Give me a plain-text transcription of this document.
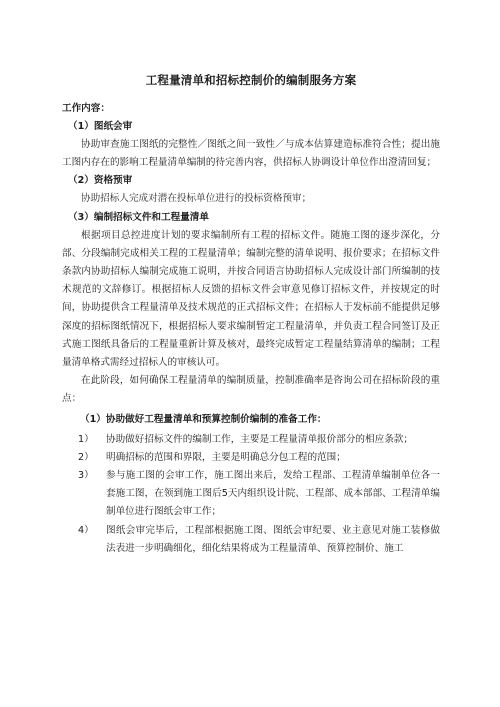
工程量清单和招标控制价的编制服务方案
工作内容：
（1）图纸会审

协助审查施工图纸的完整性／图纸之间一致性／与成本估算建造标准符合性；提出施工图内存在的影响工程量清单编制的待完善内容，供招标人协调设计单位作出澄清回复；

（2）资格预审

协助招标人完成对潜在投标单位进行的投标资格预审；

（3）编制招标文件和工程量清单

根据项目总控进度计划的要求编制所有工程的招标文件。随施工图的逐步深化，分部、分段编制完成相关工程的工程量清单；编制完整的清单说明、报价要求；在招标文件条款内协助招标人编制完成施工说明，并按合同语言协助招标人完成设计部门所编制的技术规范的文辞修订。根据招标人反馈的招标文件会审意见修订招标文件，并按规定的时间，协助提供含工程量清单及技术规范的正式招标文件；在招标人于发标前不能提供足够深度的招标图纸情况下，根据招标人要求编制暂定工程量清单，并负责工程合同签订及正式施工图纸具备后的工程量重新计算及核对，最终完成暂定工程量结算清单的编制；工程量清单格式需经过招标人的审核认可。

在此阶段，如何确保工程量清单的编制质量，控制准确率是咨询公司在招标阶段的重点：

（1）协助做好工程量清单和预算控制价编制的准备工作：
1） 协助做好招标文件的编制工作，主要是工程量清单报价部分的相应条款；
2） 明确招标的范围和界限，主要是明确总分包工程的范围；
3） 参与施工图的会审工作，施工图出来后，发给工程部、工程清单编制单位各一套施工图，在领到施工图后5天内组织设计院、工程部、成本部部、工程清单编制单位进行图纸会审工作；
4） 图纸会审完毕后，工程部根据施工图、图纸会审纪要、业主意见对施工装修做法表进一步明确细化，细化结果将成为工程量清单、预算控制价、施工
